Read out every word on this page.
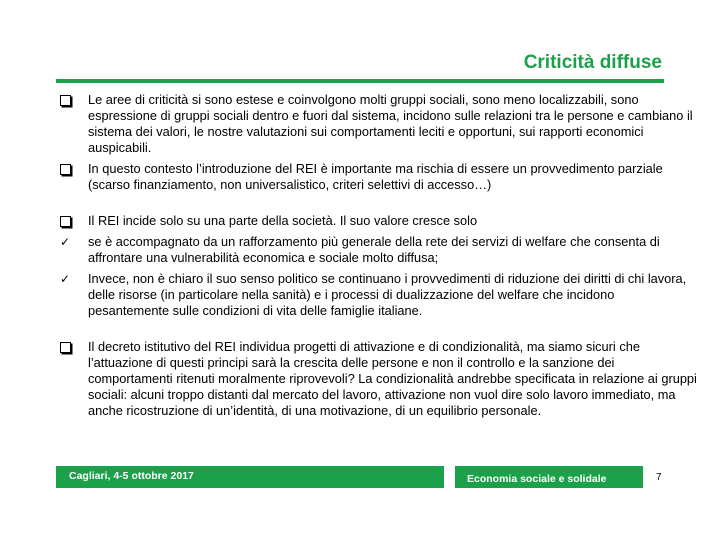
Criticità diffuse
Le aree di criticità si sono estese e coinvolgono molti gruppi sociali, sono meno localizzabili, sono espressione di gruppi sociali dentro e fuori dal sistema, incidono sulle relazioni tra le persone e cambiano il sistema dei valori, le nostre valutazioni sui comportamenti leciti e opportuni, sui rapporti economici auspicabili.
In questo contesto l’introduzione del REI è importante ma rischia di essere un provvedimento parziale (scarso finanziamento, non universalistico, criteri selettivi di accesso…)
Il REI incide solo su una parte della società. Il suo valore cresce solo
✓	se è accompagnato da un rafforzamento più generale della rete dei servizi di welfare che consenta di affrontare una vulnerabilità economica e sociale molto diffusa;
✓	Invece, non è chiaro il suo senso politico se continuano i provvedimenti di riduzione dei diritti di chi lavora, delle risorse (in particolare nella sanità) e i processi di dualizzazione del welfare che incidono pesantemente sulle condizioni di vita delle famiglie italiane.
Il decreto istitutivo del REI individua progetti di attivazione e di condizionalità, ma siamo sicuri che l’attuazione di questi principi sarà la crescita delle persone e non il controllo e la sanzione dei comportamenti ritenuti moralmente riprovevoli? La condizionalità andrebbe specificata in relazione ai gruppi sociali: alcuni troppo distanti dal mercato del lavoro, attivazione non vuol dire solo lavoro immediato, ma anche ricostruzione di un’identità, di una motivazione, di un equilibrio personale.
Cagliari, 4-5 ottobre 2017	Economia sociale e solidale	7
